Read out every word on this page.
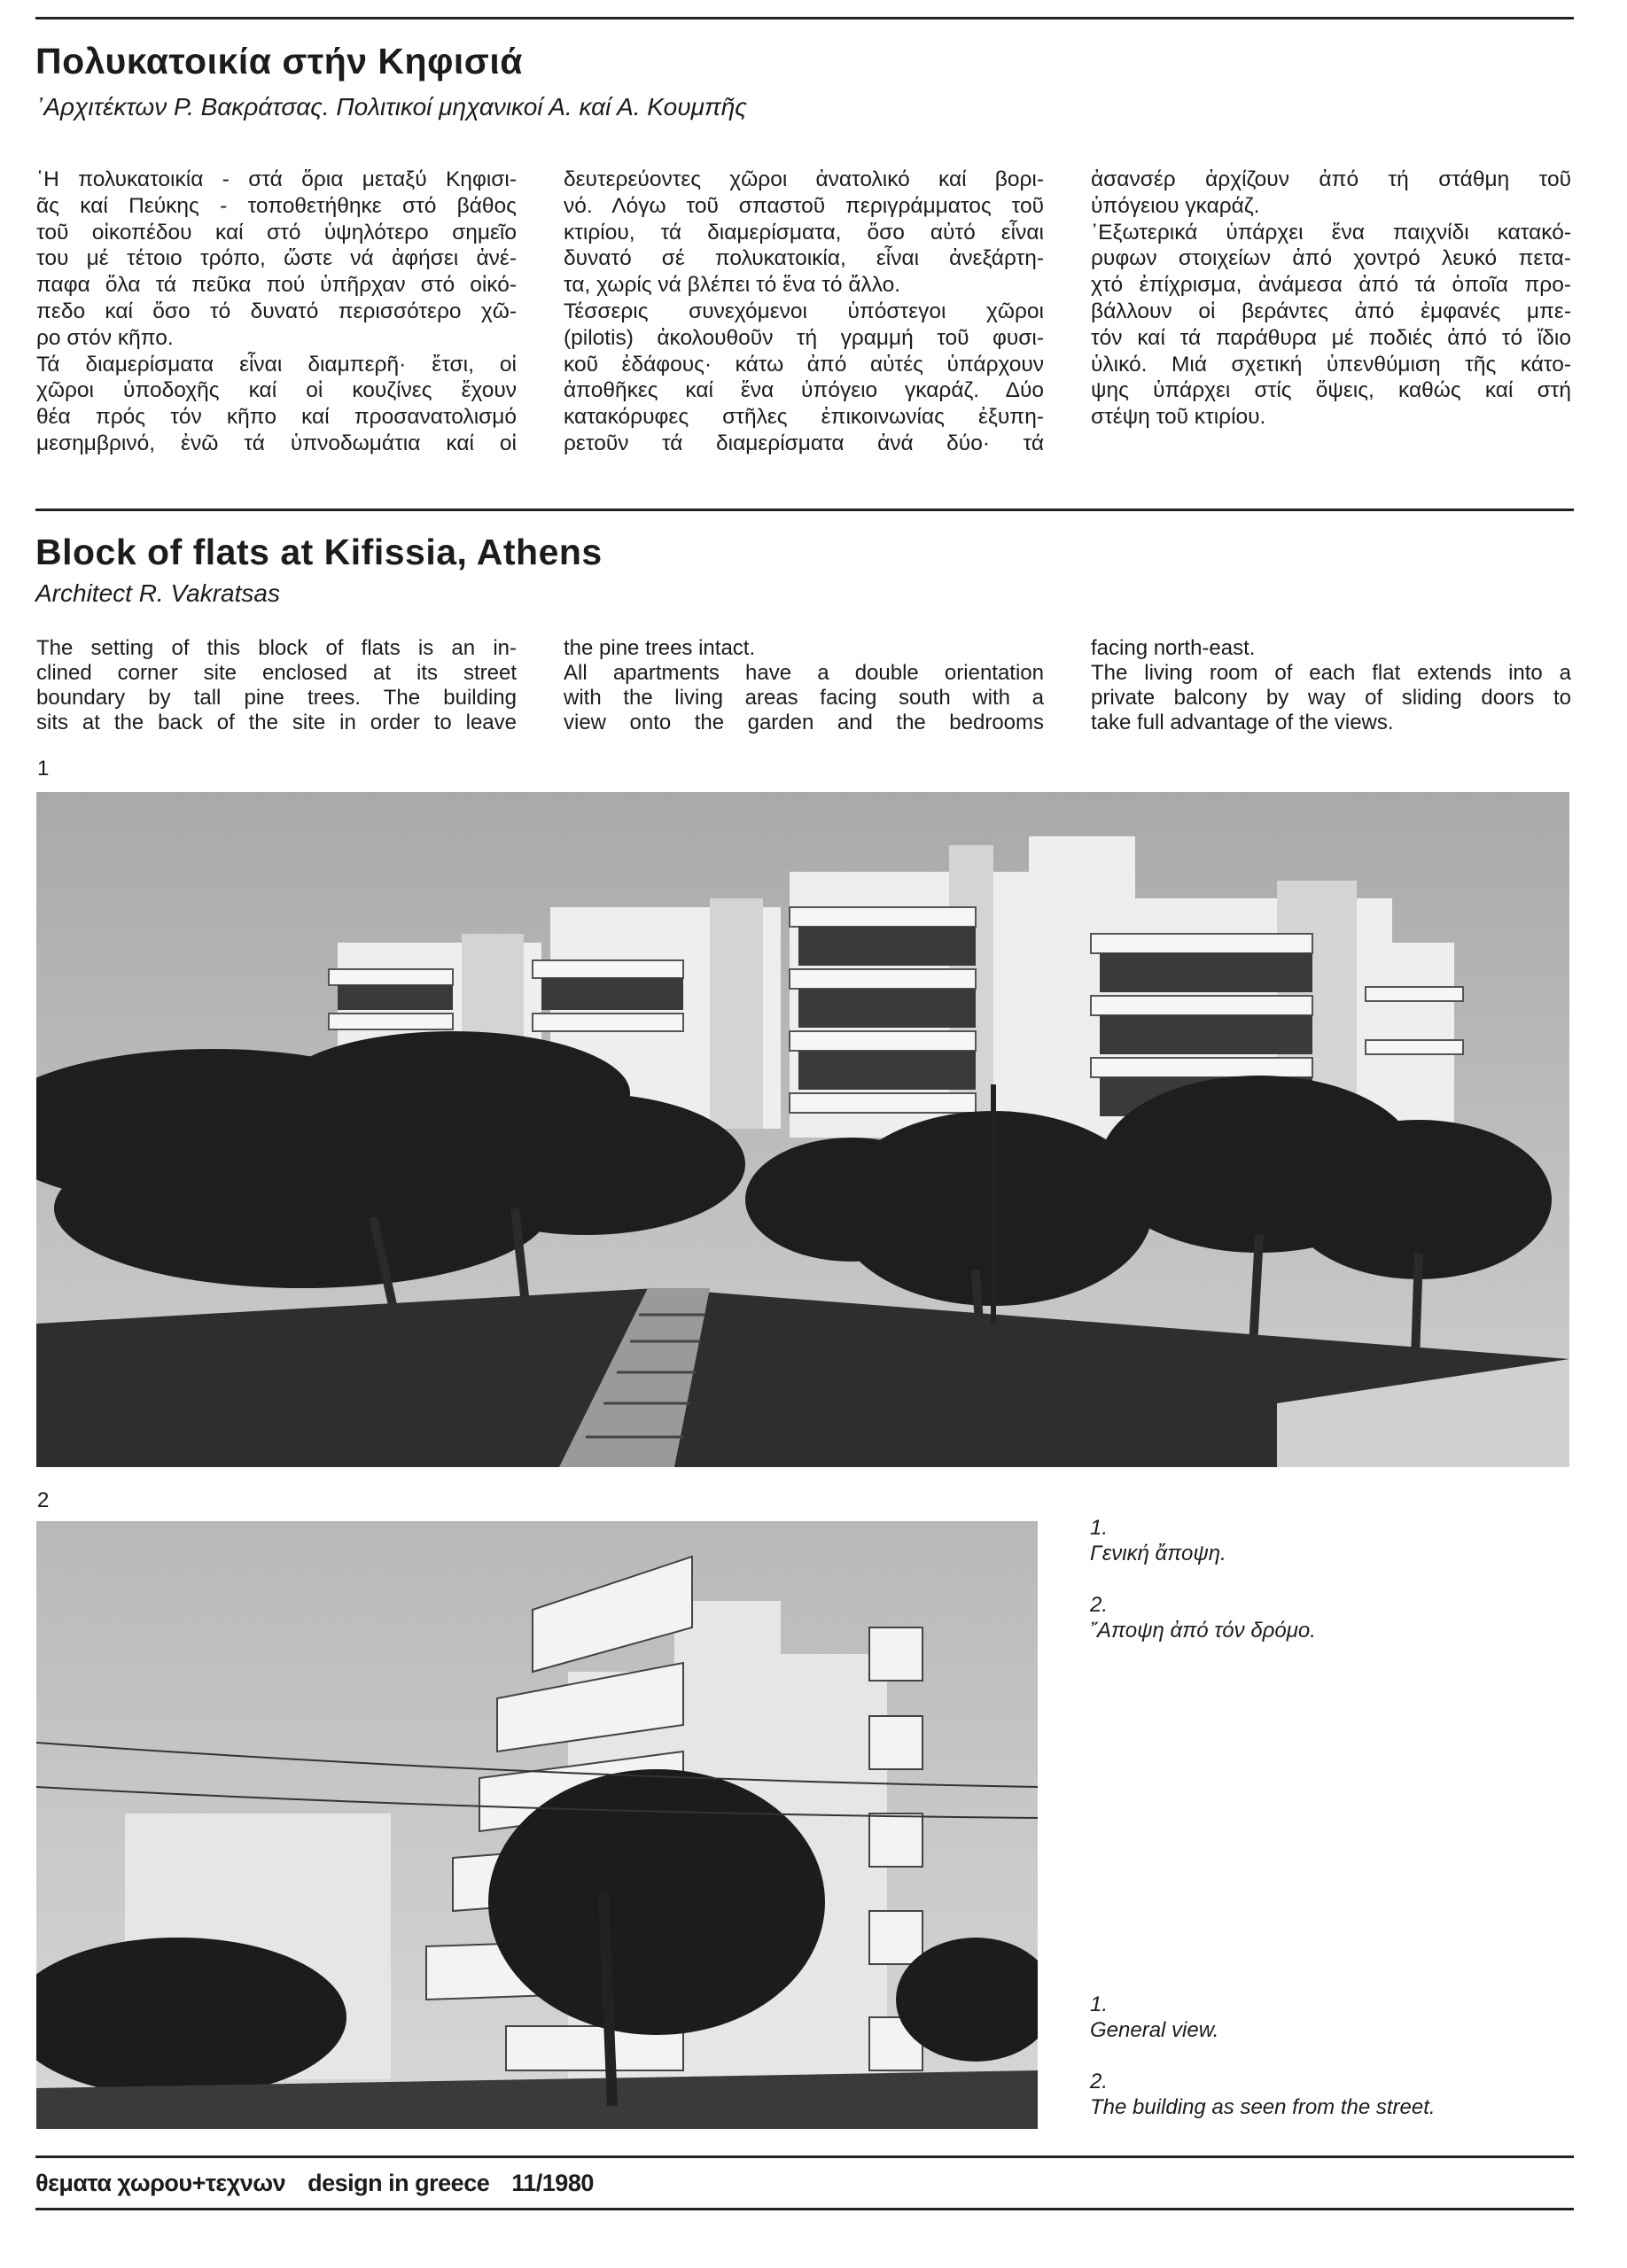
Πολυκατοικία στήν Κηφισιά
᾿Αρχιτέκτων Ρ. Βακράτσας. Πολιτικοί μηχανικοί Α. καί Α. Κουμπῆς
῾Η πολυκατοικία - στά ὅρια μεταξύ Κηφισι-
ᾶς καί Πεύκης - τοποθετήθηκε στό βάθος
τοῦ οἰκοπέδου καί στό ὑψηλότερο σημεῖο
του μέ τέτοιο τρόπο, ὥστε νά ἀφήσει ἀνέ-
παφα ὅλα τά πεῦκα πού ὑπῆρχαν στό οἰκό-
πεδο καί ὅσο τό δυνατό περισσότερο χῶ-
ρο στόν κῆπο.
Τά διαμερίσματα εἶναι διαμπερῆ· ἔτσι, οἱ
χῶροι ὑποδοχῆς καί οἱ κουζίνες ἔχουν
θέα πρός τόν κῆπο καί προσανατολισμό
μεσημβρινό, ἐνῶ τά ὑπνοδωμάτια καί οἱ
δευτερεύοντες χῶροι ἀνατολικό καί βορι-
νό. Λόγω τοῦ σπαστοῦ περιγράμματος τοῦ
κτιρίου, τά διαμερίσματα, ὅσο αὐτό εἶναι
δυνατό σέ πολυκατοικία, εἶναι ἀνεξάρτη-
τα, χωρίς νά βλέπει τό ἕνα τό ἄλλο.
Τέσσερις συνεχόμενοι ὑπόστεγοι χῶροι
(pilotis) ἀκολουθοῦν τή γραμμή τοῦ φυσι-
κοῦ ἐδάφους· κάτω ἀπό αὐτές ὑπάρχουν
ἀποθῆκες καί ἕνα ὑπόγειο γκαράζ. Δύο
κατακόρυφες στῆλες ἐπικοινωνίας ἐξυπη-
ρετοῦν τά διαμερίσματα ἀνά δύο· τά
ἀσανσέρ ἀρχίζουν ἀπό τή στάθμη τοῦ
ὑπόγειου γκαράζ.
᾿Εξωτερικά ὑπάρχει ἕνα παιχνίδι κατακό-
ρυφων στοιχείων ἀπό χοντρό λευκό πετα-
χτό ἐπίχρισμα, ἀνάμεσα ἀπό τά ὁποῖα προ-
βάλλουν οἱ βεράντες ἀπό ἐμφανές μπε-
τόν καί τά παράθυρα μέ ποδιές ἀπό τό ἴδιο
ὑλικό. Μιά σχετική ὑπενθύμιση τῆς κάτο-
ψης ὑπάρχει στίς ὄψεις, καθώς καί στή
στέψη τοῦ κτιρίου.
Block of flats at Kifissia, Athens
Architect R. Vakratsas
The setting of this block of flats is an in-
clined corner site enclosed at its street
boundary by tall pine trees. The building
sits at the back of the site in order to leave
the pine trees intact.
All apartments have a double orientation
with the living areas facing south with a
view onto the garden and the bedrooms
facing north-east.
The living room of each flat extends into a
private balcony by way of sliding doors to
take full advantage of the views.
1
2
1.
Γενική ἄποψη.
2.
῎Αποψη ἀπό τόν δρόμο.
1.
General view.
2.
The building as seen from the street.
θεματα χωρου+τεχνων design in greece 11/1980
